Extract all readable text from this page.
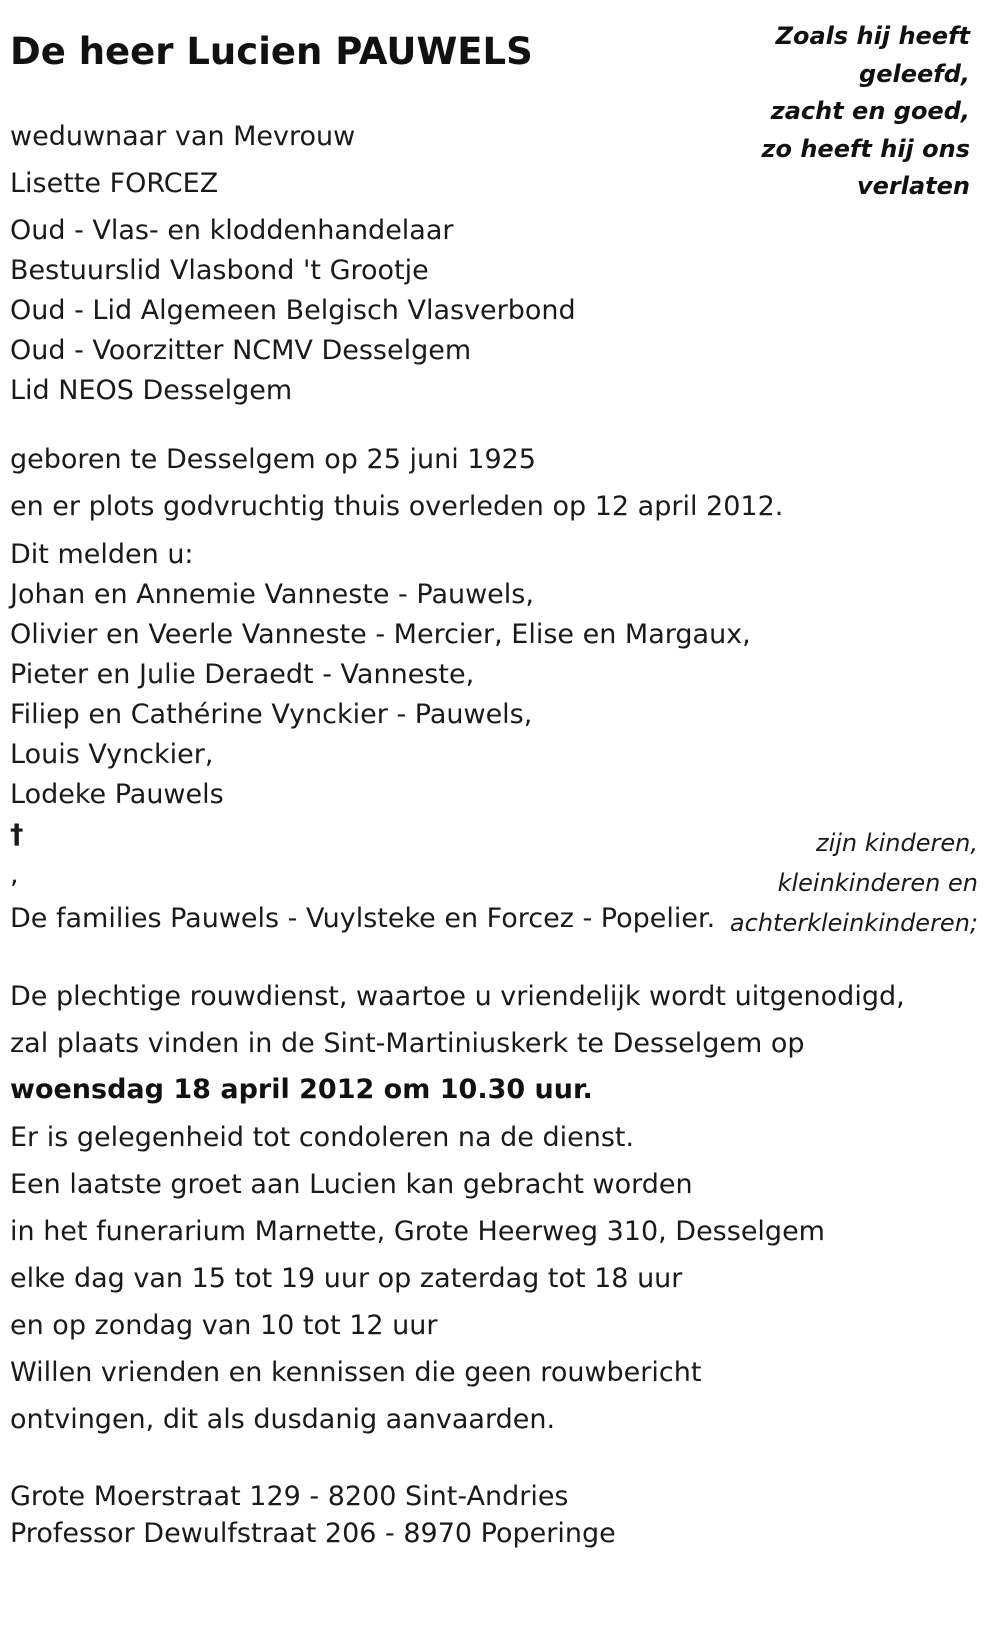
De heer Lucien PAUWELS	Zoals hij heeft
geleefd,
zacht en goed,
zo heeft hij ons
verlaten
weduwnaar van Mevrouw
Lisette FORCEZ
Oud - Vlas- en kloddenhandelaar
Bestuurslid Vlasbond 't Grootje
Oud - Lid Algemeen Belgisch Vlasverbond
Oud - Voorzitter NCMV Desselgem
Lid NEOS Desselgem
geboren te Desselgem op 25 juni 1925
en er plots godvruchtig thuis overleden op 12 april 2012.
Dit melden u:
Johan en Annemie Vanneste - Pauwels,
Olivier en Veerle Vanneste - Mercier, Elise en Margaux,
Pieter en Julie Deraedt - Vanneste,
Filiep en Cathérine Vynckier - Pauwels,
Louis Vynckier,
Lodeke Pauwels
†
,
zijn kinderen,
kleinkinderen en
achterkleinkinderen;
De families Pauwels - Vuylsteke en Forcez - Popelier.
De plechtige rouwdienst, waartoe u vriendelijk wordt uitgenodigd,
zal plaats vinden in de Sint-Martiniuskerk te Desselgem op
woensdag 18 april 2012 om 10.30 uur.
Er is gelegenheid tot condoleren na de dienst.
Een laatste groet aan Lucien kan gebracht worden
in het funerarium Marnette, Grote Heerweg 310, Desselgem
elke dag van 15 tot 19 uur op zaterdag tot 18 uur
en op zondag van 10 tot 12 uur
Willen vrienden en kennissen die geen rouwbericht
ontvingen, dit als dusdanig aanvaarden.
Grote Moerstraat 129 - 8200 Sint-Andries
Professor Dewulfstraat 206 - 8970 Poperinge
